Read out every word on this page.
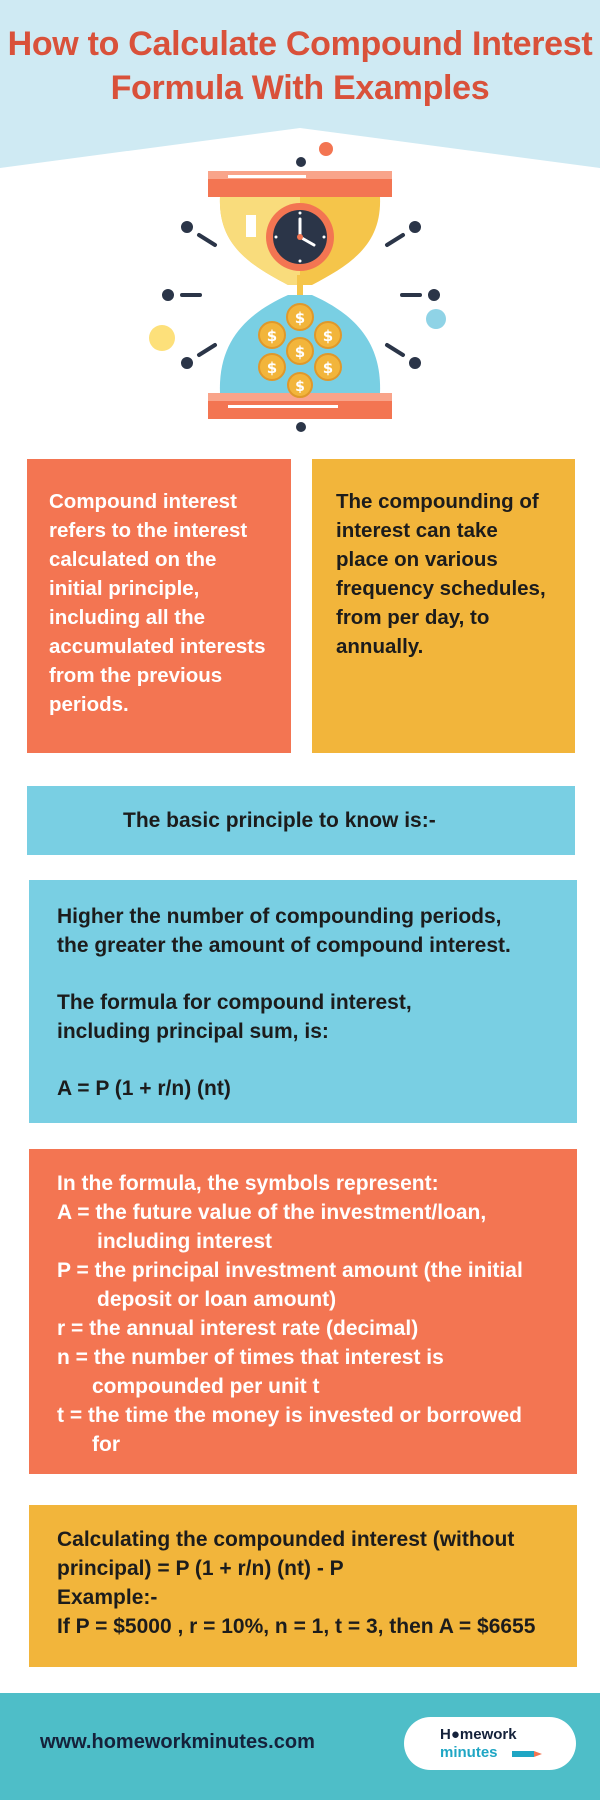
How to Calculate Compound Interest
Formula With Examples
$
$	$
$
$	$
$

Compound interest refers to the interest calculated on the initial principle, including all the accumulated interests from the previous periods.

The compounding of interest can take place on various frequency schedules, from per day, to annually.

The basic principle to know is:-

Higher the number of compounding periods,
the greater the amount of compound interest.

The formula for compound interest,
including principal sum, is:

A = P (1 + r/n) (nt)

In the formula, the symbols represent:
A = the future value of the investment/loan,
including interest
P = the principal investment amount (the initial
deposit or loan amount)
r = the annual interest rate (decimal)
n = the number of times that interest is
compounded per unit t
t = the time the money is invested or borrowed
for
Calculating the compounded interest (without
principal) = P (1 + r/n) (nt) - P
Example:-
If P = $5000 , r = 10%, n = 1, t = 3, then A = $6655
www.homeworkminutes.com	H●mework
minutes
